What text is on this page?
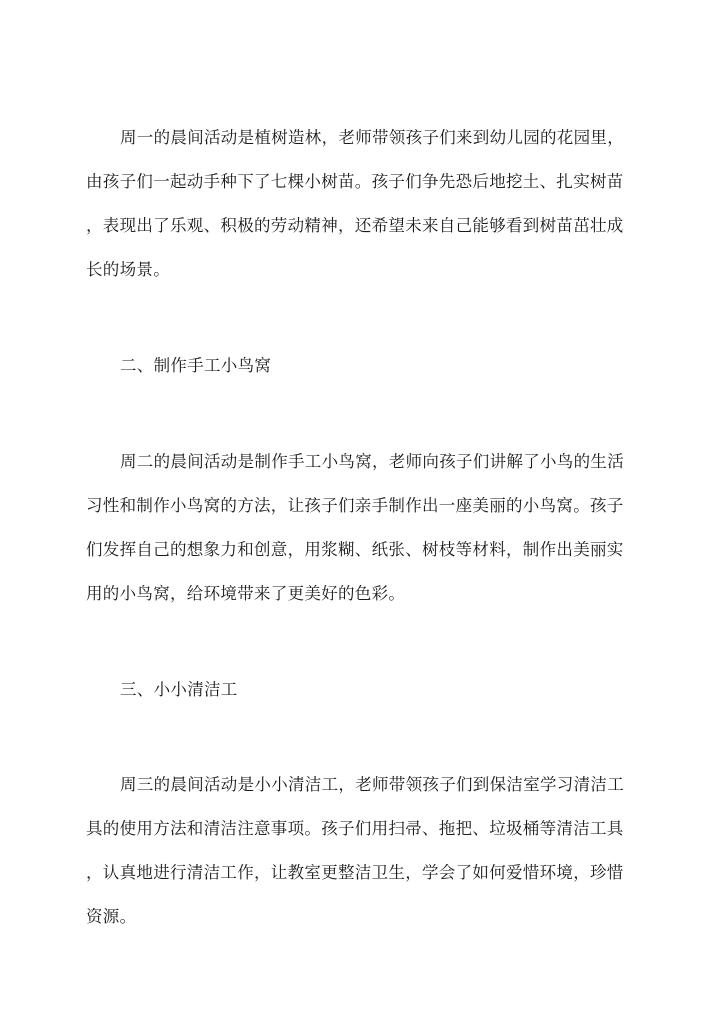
周一的晨间活动是植树造林，老师带领孩子们来到幼儿园的花园里，
由孩子们一起动手种下了七棵小树苗。孩子们争先恐后地挖土、扎实树苗
，表现出了乐观、积极的劳动精神，还希望未来自己能够看到树苗茁壮成
长的场景。
二、制作手工小鸟窝
周二的晨间活动是制作手工小鸟窝，老师向孩子们讲解了小鸟的生活
习性和制作小鸟窝的方法，让孩子们亲手制作出一座美丽的小鸟窝。孩子
们发挥自己的想象力和创意，用浆糊、纸张、树枝等材料，制作出美丽实
用的小鸟窝，给环境带来了更美好的色彩。
三、小小清洁工
周三的晨间活动是小小清洁工，老师带领孩子们到保洁室学习清洁工
具的使用方法和清洁注意事项。孩子们用扫帚、拖把、垃圾桶等清洁工具
，认真地进行清洁工作，让教室更整洁卫生，学会了如何爱惜环境，珍惜
资源。
